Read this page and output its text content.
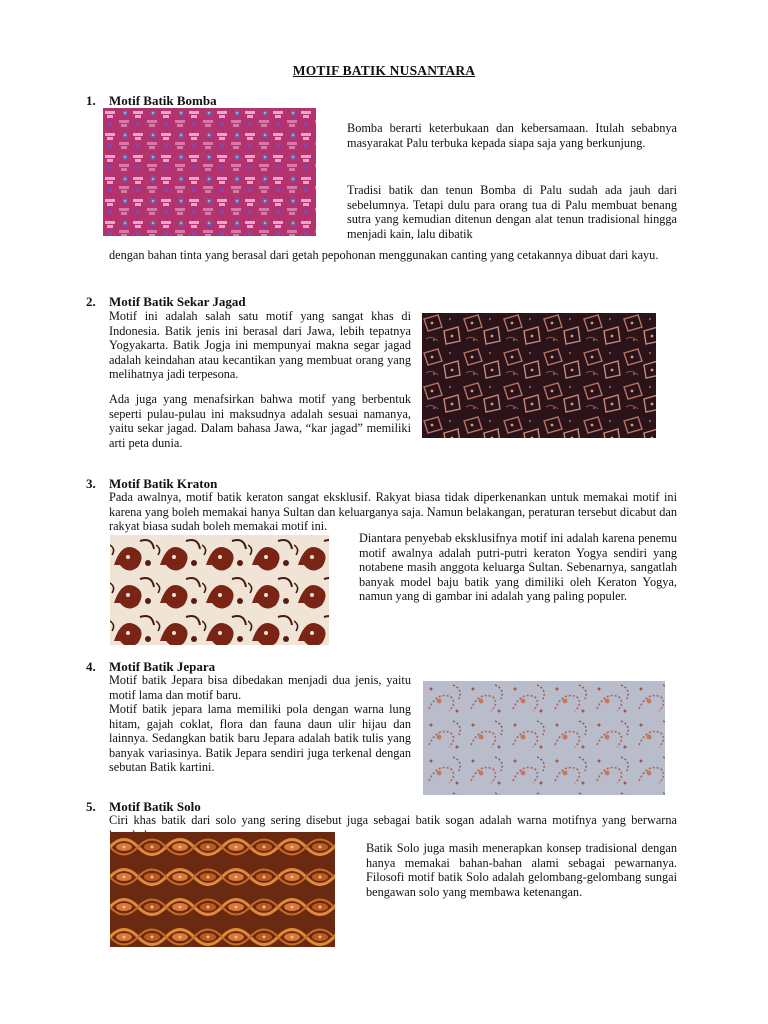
MOTIF BATIK NUSANTARA
1. Motif Batik Bomba

Bomba berarti keterbukaan dan kebersamaan. Itulah sebabnya masyarakat Palu terbuka kepada siapa saja yang berkunjung.

Tradisi batik dan tenun Bomba di Palu sudah ada jauh dari sebelumnya. Tetapi dulu para orang tua di Palu membuat benang sutra yang kemudian ditenun dengan alat tenun tradisional hingga menjadi kain, lalu dibatik

dengan bahan tinta yang berasal dari getah pepohonan menggunakan canting yang cetakannya dibuat dari kayu.

2. Motif Batik Sekar Jagad

Motif ini adalah salah satu motif yang sangat khas di Indonesia. Batik jenis ini berasal dari Jawa, lebih tepatnya Yogyakarta. Batik Jogja ini mempunyai makna segar jagad adalah keindahan atau kecantikan yang membuat orang yang melihatnya jadi terpesona.

Ada juga yang menafsirkan bahwa motif yang berbentuk seperti pulau-pulau ini maksudnya adalah sesuai namanya, yaitu sekar jagad. Dalam bahasa Jawa, “kar jagad” memiliki arti peta dunia.

3. Motif Batik Kraton

Pada awalnya, motif batik keraton sangat eksklusif. Rakyat biasa tidak diperkenankan untuk memakai motif ini karena yang boleh memakai hanya Sultan dan keluarganya saja. Namun belakangan, peraturan tersebut dicabut dan rakyat biasa sudah boleh memakai motif ini.

Diantara penyebab eksklusifnya motif ini adalah karena penemu motif awalnya adalah putri-putri keraton Yogya sendiri yang notabene masih anggota keluarga Sultan. Sebenarnya, sangatlah banyak model baju batik yang dimiliki oleh Keraton Yogya, namun yang di gambar ini adalah yang paling populer.

4. Motif Batik Jepara

Motif batik Jepara bisa dibedakan menjadi dua jenis, yaitu motif lama dan motif baru.

Motif batik jepara lama memiliki pola dengan warna lung hitam, gajah coklat, flora dan fauna daun ulir hijau dan lainnya. Sedangkan batik baru Jepara adalah batik tulis yang banyak variasinya. Batik Jepara sendiri juga terkenal dengan sebutan Batik kartini.

5. Motif Batik Solo

Ciri khas batik dari solo yang sering disebut juga sebagai batik sogan adalah warna motifnya yang berwarna

Batik Solo juga masih menerapkan konsep tradisional dengan hanya memakai bahan-bahan alami sebagai pewarnanya. Filosofi motif batik Solo adalah gelombang-gelombang sungai bengawan solo yang membawa ketenangan.
